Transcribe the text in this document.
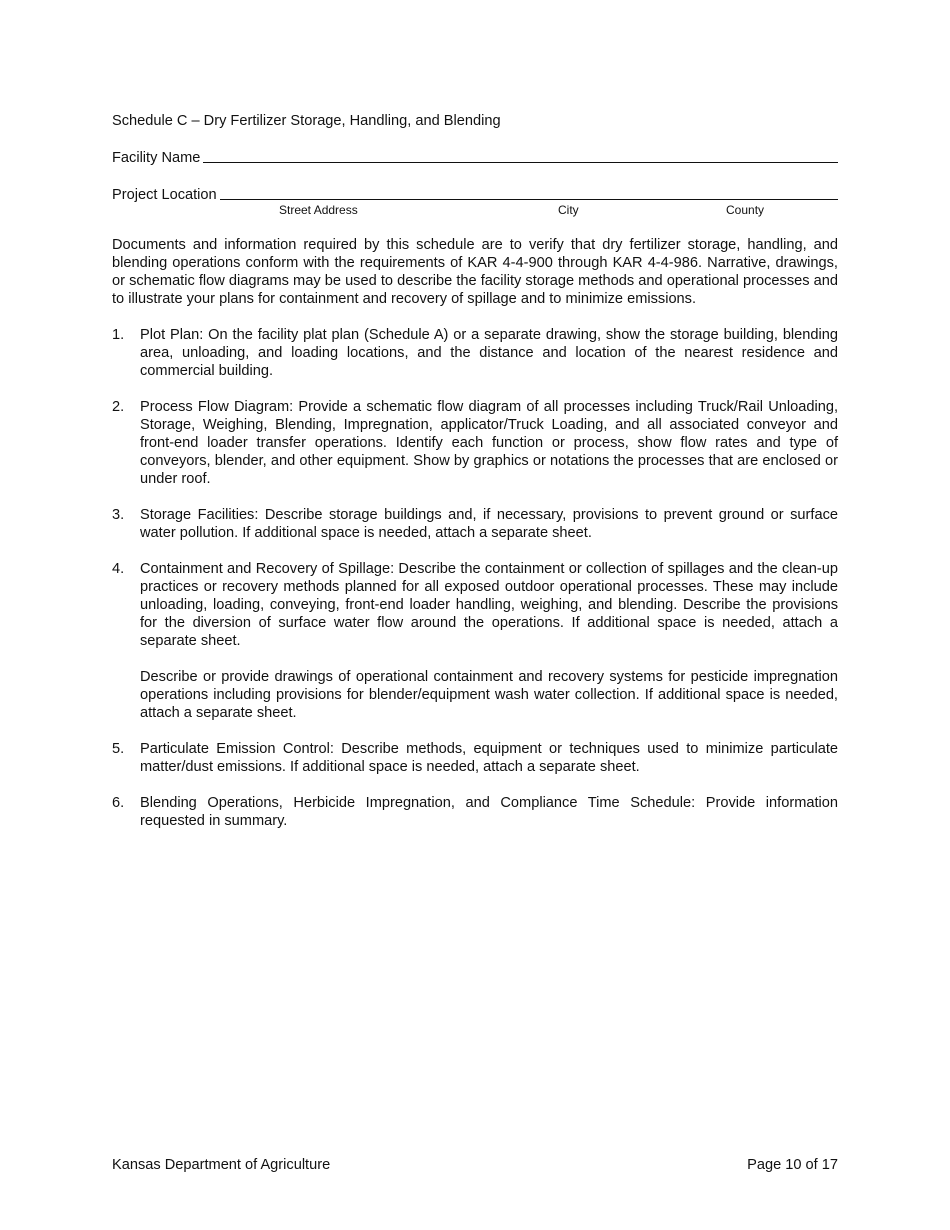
Schedule C – Dry Fertilizer Storage, Handling, and Blending
Facility Name
Project Location
Street Address	City	County

Documents and information required by this schedule are to verify that dry fertilizer storage, handling, and blending operations conform with the requirements of KAR 4-4-900 through KAR 4-4-986. Narrative, drawings, or schematic flow diagrams may be used to describe the facility storage methods and operational processes and to illustrate your plans for containment and recovery of spillage and to minimize emissions.

1.	Plot Plan: On the facility plat plan (Schedule A) or a separate drawing, show the storage building, blending area, unloading, and loading locations, and the distance and location of the nearest residence and commercial building.

2.	Process Flow Diagram: Provide a schematic flow diagram of all processes including Truck/Rail Unloading, Storage, Weighing, Blending, Impregnation, applicator/Truck Loading, and all associated conveyor and front-end loader transfer operations. Identify each function or process, show flow rates and type of conveyors, blender, and other equipment. Show by graphics or notations the processes that are enclosed or under roof.

3.	Storage Facilities: Describe storage buildings and, if necessary, provisions to prevent ground or surface water pollution. If additional space is needed, attach a separate sheet.

4.	Containment and Recovery of Spillage: Describe the containment or collection of spillages and the clean-up practices or recovery methods planned for all exposed outdoor operational processes. These may include unloading, loading, conveying, front-end loader handling, weighing, and blending. Describe the provisions for the diversion of surface water flow around the operations. If additional space is needed, attach a separate sheet.

Describe or provide drawings of operational containment and recovery systems for pesticide impregnation operations including provisions for blender/equipment wash water collection. If additional space is needed, attach a separate sheet.

5.	Particulate Emission Control: Describe methods, equipment or techniques used to minimize particulate matter/dust emissions. If additional space is needed, attach a separate sheet.

6.	Blending Operations, Herbicide Impregnation, and Compliance Time Schedule: Provide information requested in summary.

Kansas Department of Agriculture	Page 10 of 17
